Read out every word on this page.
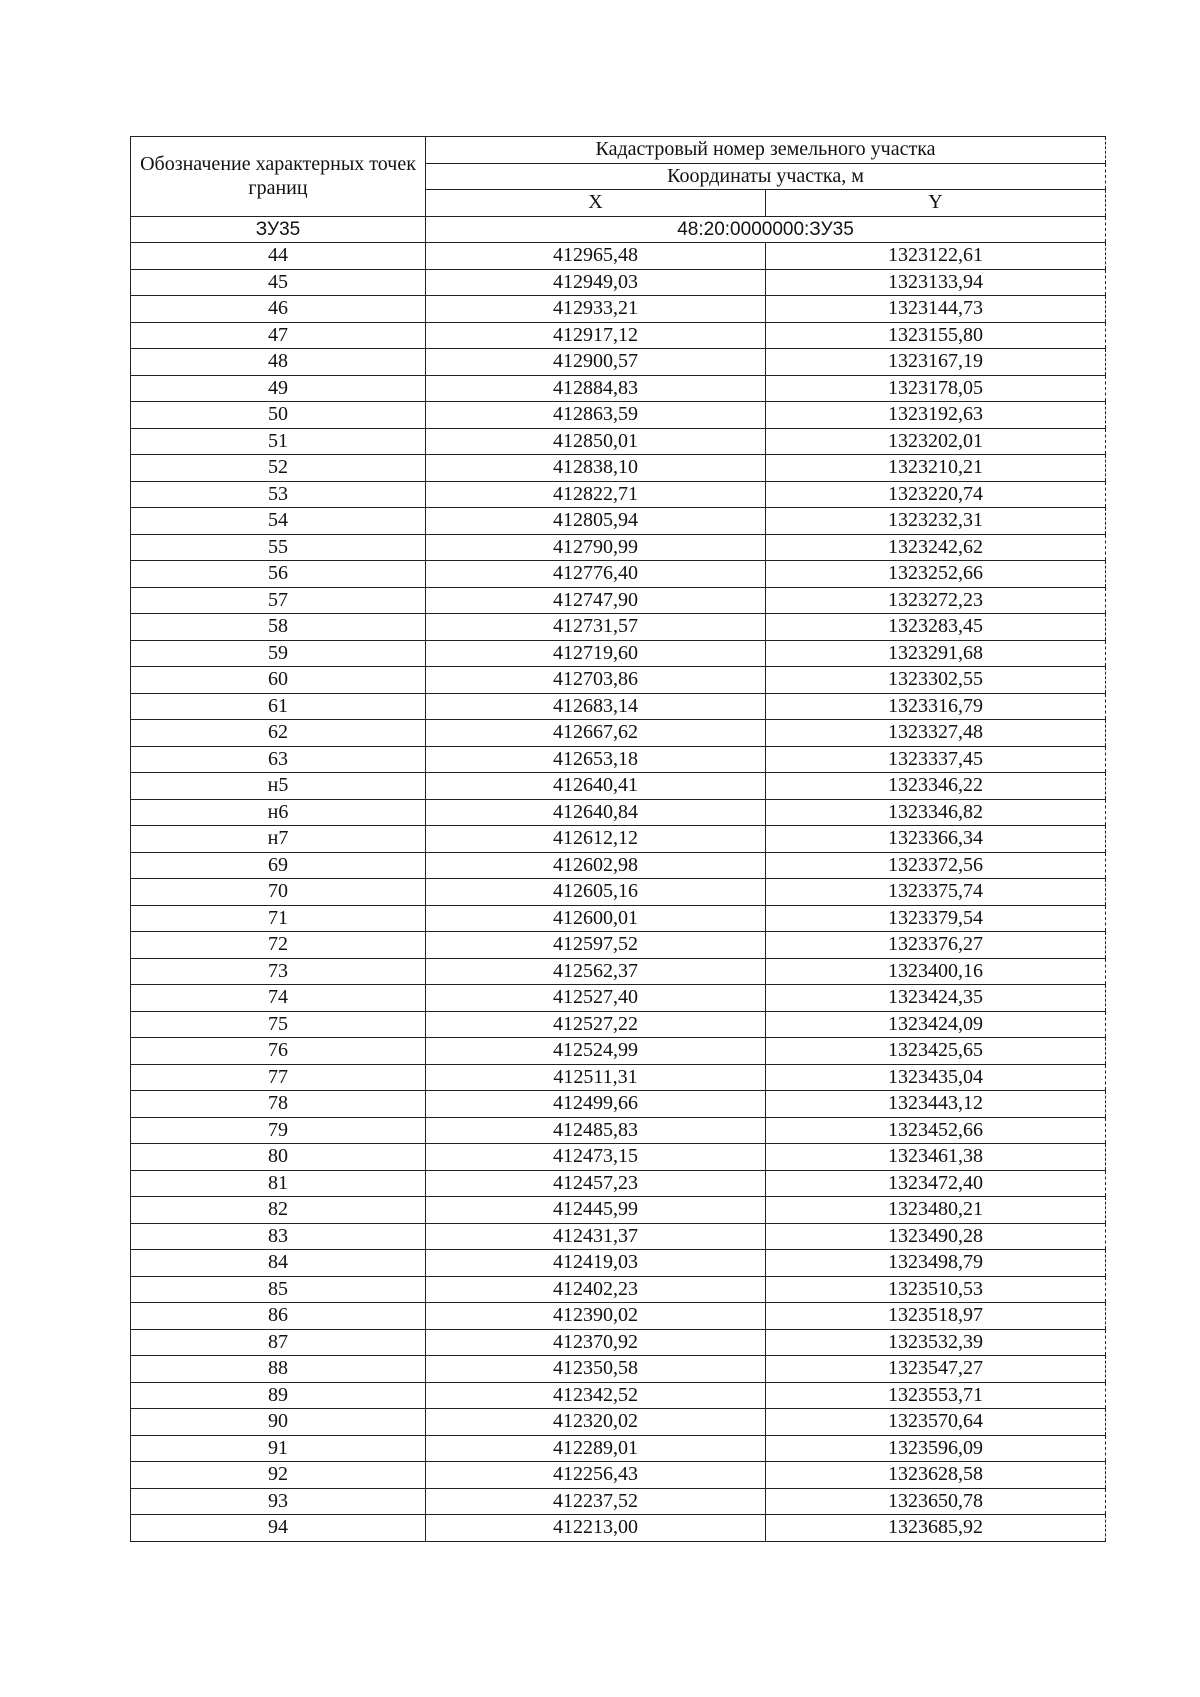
Обозначение характерных точек границ	Кадастровый номер земельного участка	
	Координаты участка, м	
	X	Y
ЗУ35	48:20:0000000:ЗУ35	
44	412965,48	1323122,61
45	412949,03	1323133,94
46	412933,21	1323144,73
47	412917,12	1323155,80
48	412900,57	1323167,19
49	412884,83	1323178,05
50	412863,59	1323192,63
51	412850,01	1323202,01
52	412838,10	1323210,21
53	412822,71	1323220,74
54	412805,94	1323232,31
55	412790,99	1323242,62
56	412776,40	1323252,66
57	412747,90	1323272,23
58	412731,57	1323283,45
59	412719,60	1323291,68
60	412703,86	1323302,55
61	412683,14	1323316,79
62	412667,62	1323327,48
63	412653,18	1323337,45
н5	412640,41	1323346,22
н6	412640,84	1323346,82
н7	412612,12	1323366,34
69	412602,98	1323372,56
70	412605,16	1323375,74
71	412600,01	1323379,54
72	412597,52	1323376,27
73	412562,37	1323400,16
74	412527,40	1323424,35
75	412527,22	1323424,09
76	412524,99	1323425,65
77	412511,31	1323435,04
78	412499,66	1323443,12
79	412485,83	1323452,66
80	412473,15	1323461,38
81	412457,23	1323472,40
82	412445,99	1323480,21
83	412431,37	1323490,28
84	412419,03	1323498,79
85	412402,23	1323510,53
86	412390,02	1323518,97
87	412370,92	1323532,39
88	412350,58	1323547,27
89	412342,52	1323553,71
90	412320,02	1323570,64
91	412289,01	1323596,09
92	412256,43	1323628,58
93	412237,52	1323650,78
94	412213,00	1323685,92
